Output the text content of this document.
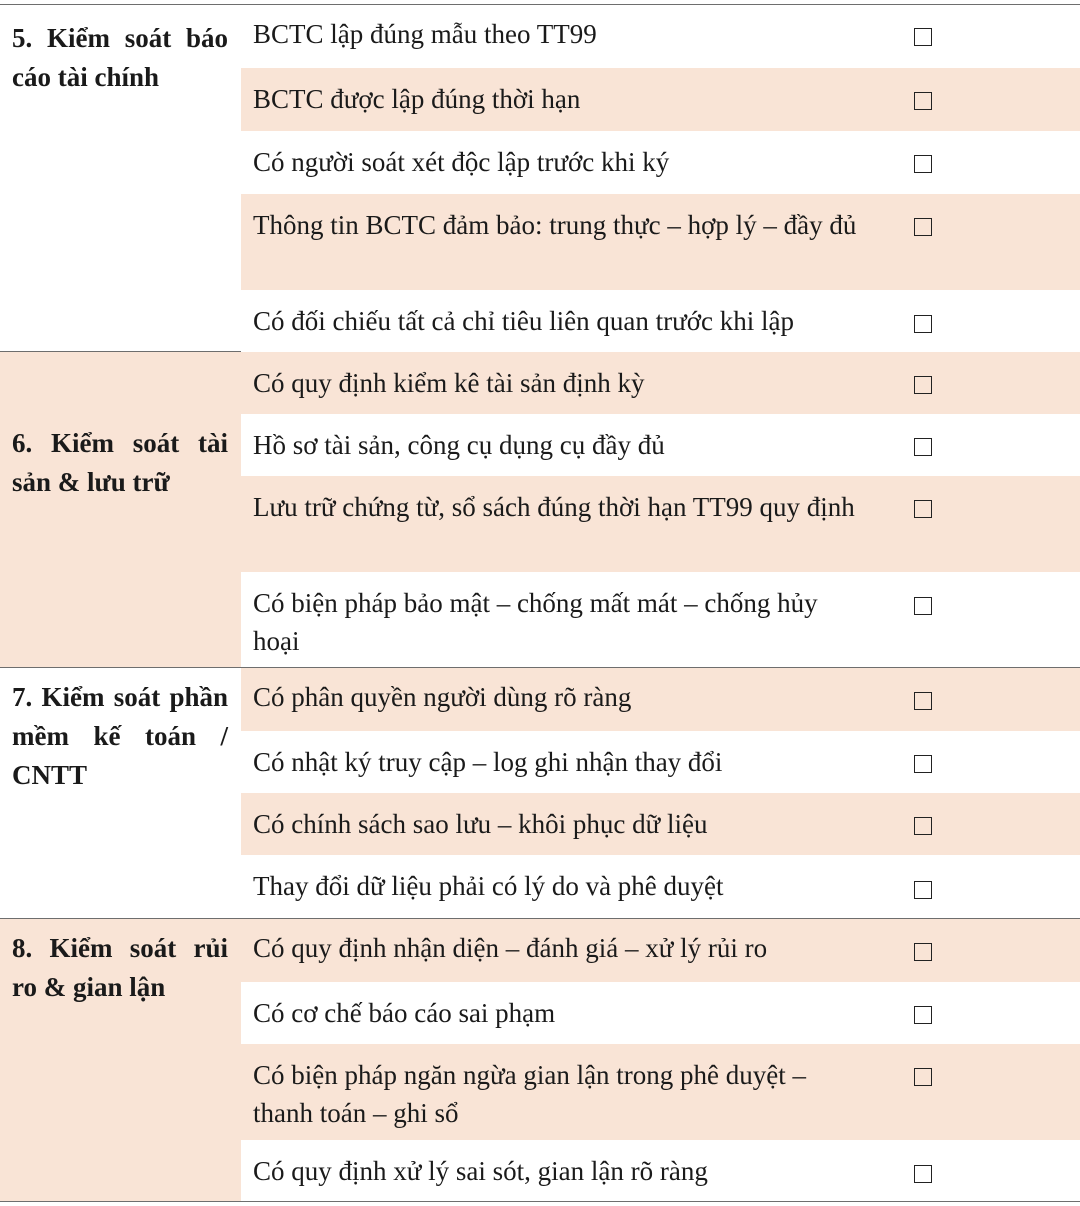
5. Kiểm soát báo cáo tài chính
BCTC lập đúng mẫu theo TT99
BCTC được lập đúng thời hạn
Có người soát xét độc lập trước khi ký
Thông tin BCTC đảm bảo: trung thực – hợp lý – đầy đủ
Có đối chiếu tất cả chỉ tiêu liên quan trước khi lập
6. Kiểm soát tài sản & lưu trữ
Có quy định kiểm kê tài sản định kỳ
Hồ sơ tài sản, công cụ dụng cụ đầy đủ
Lưu trữ chứng từ, sổ sách đúng thời hạn TT99 quy định
Có biện pháp bảo mật – chống mất mát – chống hủy hoại
7. Kiểm soát phần mềm kế toán / CNTT
Có phân quyền người dùng rõ ràng
Có nhật ký truy cập – log ghi nhận thay đổi
Có chính sách sao lưu – khôi phục dữ liệu
Thay đổi dữ liệu phải có lý do và phê duyệt
8. Kiểm soát rủi ro & gian lận
Có quy định nhận diện – đánh giá – xử lý rủi ro
Có cơ chế báo cáo sai phạm
Có biện pháp ngăn ngừa gian lận trong phê duyệt – thanh toán – ghi sổ
Có quy định xử lý sai sót, gian lận rõ ràng
